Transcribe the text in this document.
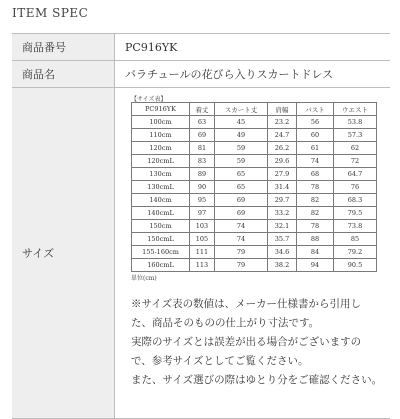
ITEM SPEC
商品番号	PC916YK
商品名	バラチュールの花びら入りスカートドレス
サイズ	
【サイズ表】
PC916YK	着丈	スカート丈	肩幅	バスト	ウエスト
100cm	63	45	23.2	56	53.8
110cm	69	49	24.7	60	57.3
120cm	81	59	26.2	61	62
120cmL	83	59	29.6	74	72
130cm	89	65	27.9	68	64.7
130cmL	90	65	31.4	78	76
140cm	95	69	29.7	82	68.3
140cmL	97	69	33.2	82	79.5
150cm	103	74	32.1	78	73.8
150cmL	105	74	35.7	88	85
155-160cm	111	79	34.6	84	79.2
160cmL	113	79	38.2	94	90.5
単位(cm)

※サイズ表の数値は、メーカー仕様書から引用し

た、商品そのものの仕上がり寸法です。

実際のサイズとは誤差が出る場合がございますの

で、参考サイズとしてご覧ください。

また、サイズ選びの際はゆとり分をご確認ください。
